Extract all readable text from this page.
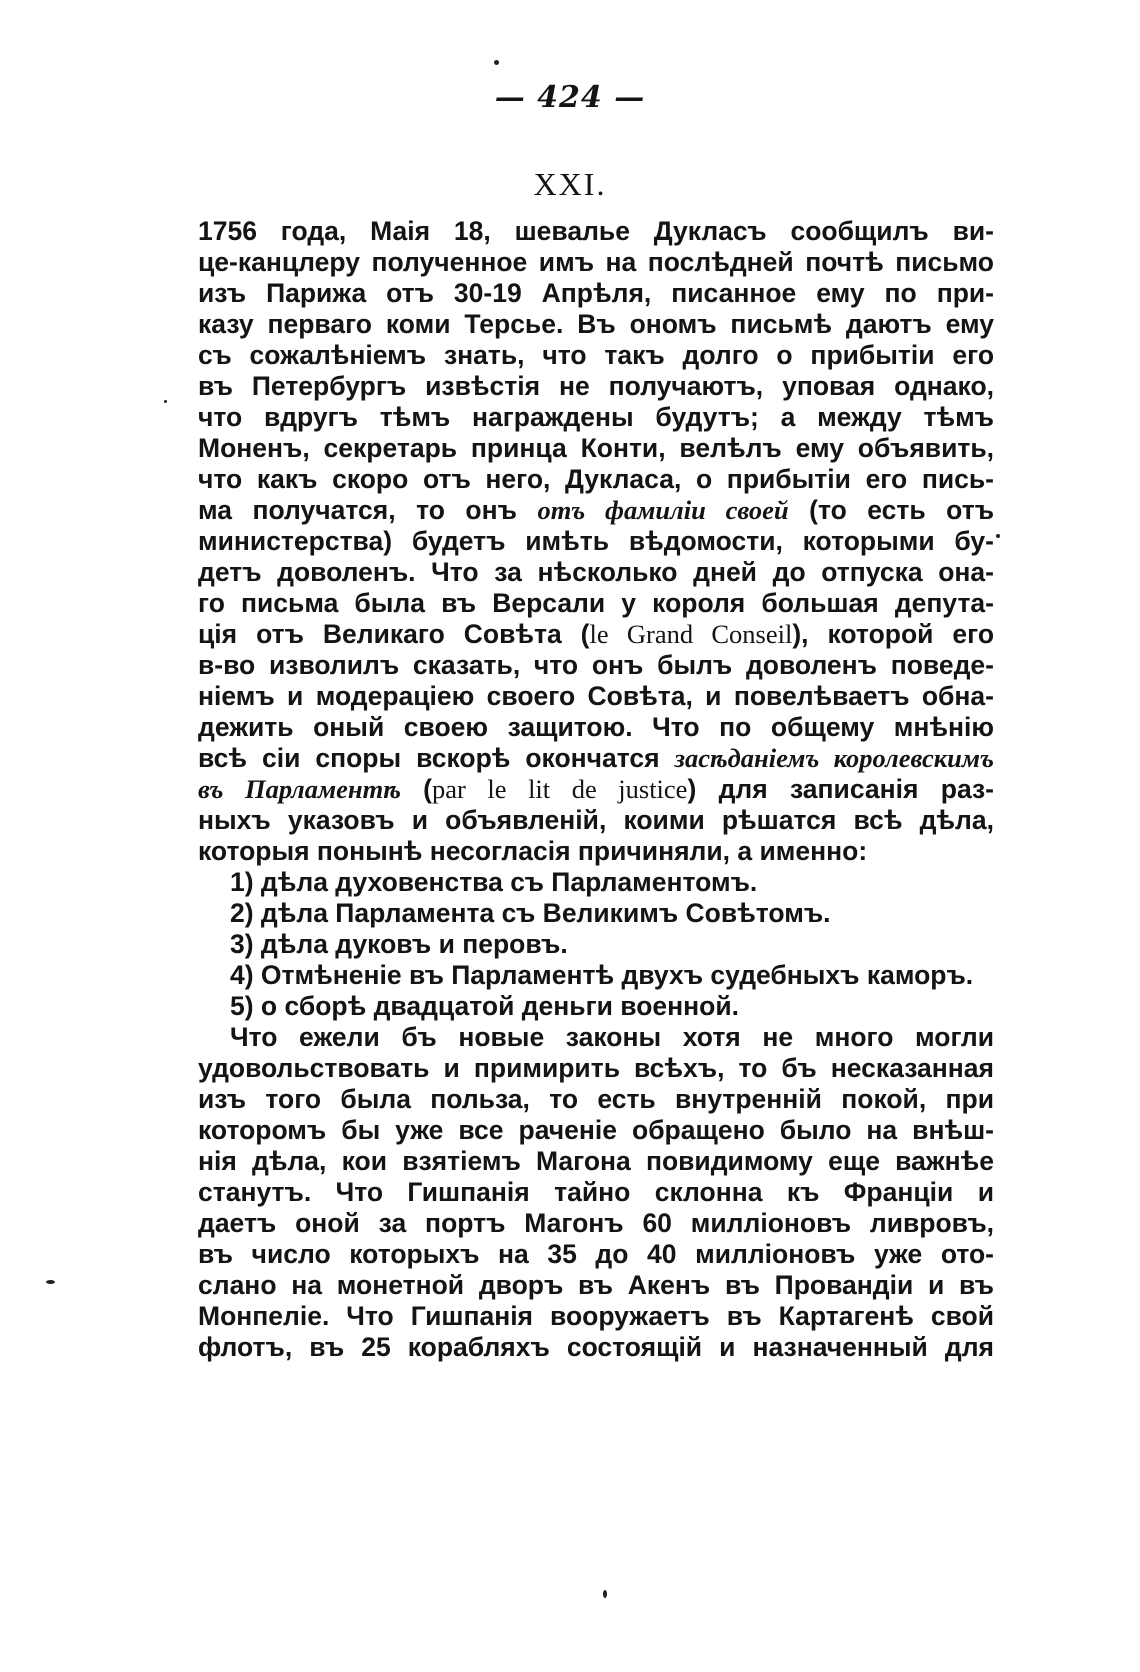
— 424 —
XXI.
1756 года, Маія 18, шевалье Дукласъ сообщилъ ви-
це-канцлеру полученное имъ на послѣдней почтѣ письмо
изъ Парижа отъ 30-19 Апрѣля, писанное ему по при-
казу перваго коми Терсье. Въ ономъ письмѣ даютъ ему
съ сожалѣніемъ знать, что такъ долго о прибытіи его
въ Петербургъ извѣстія не получаютъ, уповая однако,
что вдругъ тѣмъ награждены будутъ; а между тѣмъ
Моненъ, секретарь принца Конти, велѣлъ ему объявить,
что какъ скоро отъ него, Дукласа, о прибытіи его пись-
ма получатся, то онъ отъ фамиліи своей (то есть отъ
министерства) будетъ имѣть вѣдомости, которыми бу-
детъ доволенъ. Что за нѣсколько дней до отпуска она-
го письма была въ Версали у короля большая депута-
ція отъ Великаго Совѣта (le Grand Conseil), которой его
в-во изволилъ сказать, что онъ былъ доволенъ поведе-
ніемъ и модераціею своего Совѣта, и повелѣваетъ обна-
дежить оный своею защитою. Что по общему мнѣнію
всѣ сіи споры вскорѣ окончатся засѣданіемъ королевскимъ
въ Парламентѣ (par le lit de justice) для записанія раз-
ныхъ указовъ и объявленій, коими рѣшатся всѣ дѣла,
которыя понынѣ несогласія причиняли, а именно:
1) дѣла духовенства съ Парламентомъ.
2) дѣла Парламента съ Великимъ Совѣтомъ.
3) дѣла дуковъ и перовъ.
4) Отмѣненіе въ Парламентѣ двухъ судебныхъ каморъ.
5) о сборѣ двадцатой деньги военной.
Что ежели бъ новые законы хотя не много могли
удовольствовать и примирить всѣхъ, то бъ несказанная
изъ того была польза, то есть внутренній покой, при
которомъ бы уже все раченіе обращено было на внѣш-
нія дѣла, кои взятіемъ Магона повидимому еще важнѣе
станутъ. Что Гишпанія тайно склонна къ Франціи и
даетъ оной за портъ Магонъ 60 милліоновъ ливровъ,
въ число которыхъ на 35 до 40 милліоновъ уже ото-
слано на монетной дворъ въ Акенъ въ Провандіи и въ
Монпеліе. Что Гишпанія вооружаетъ въ Картагенѣ свой
флотъ, въ 25 корабляхъ состоящій и назначенный для
